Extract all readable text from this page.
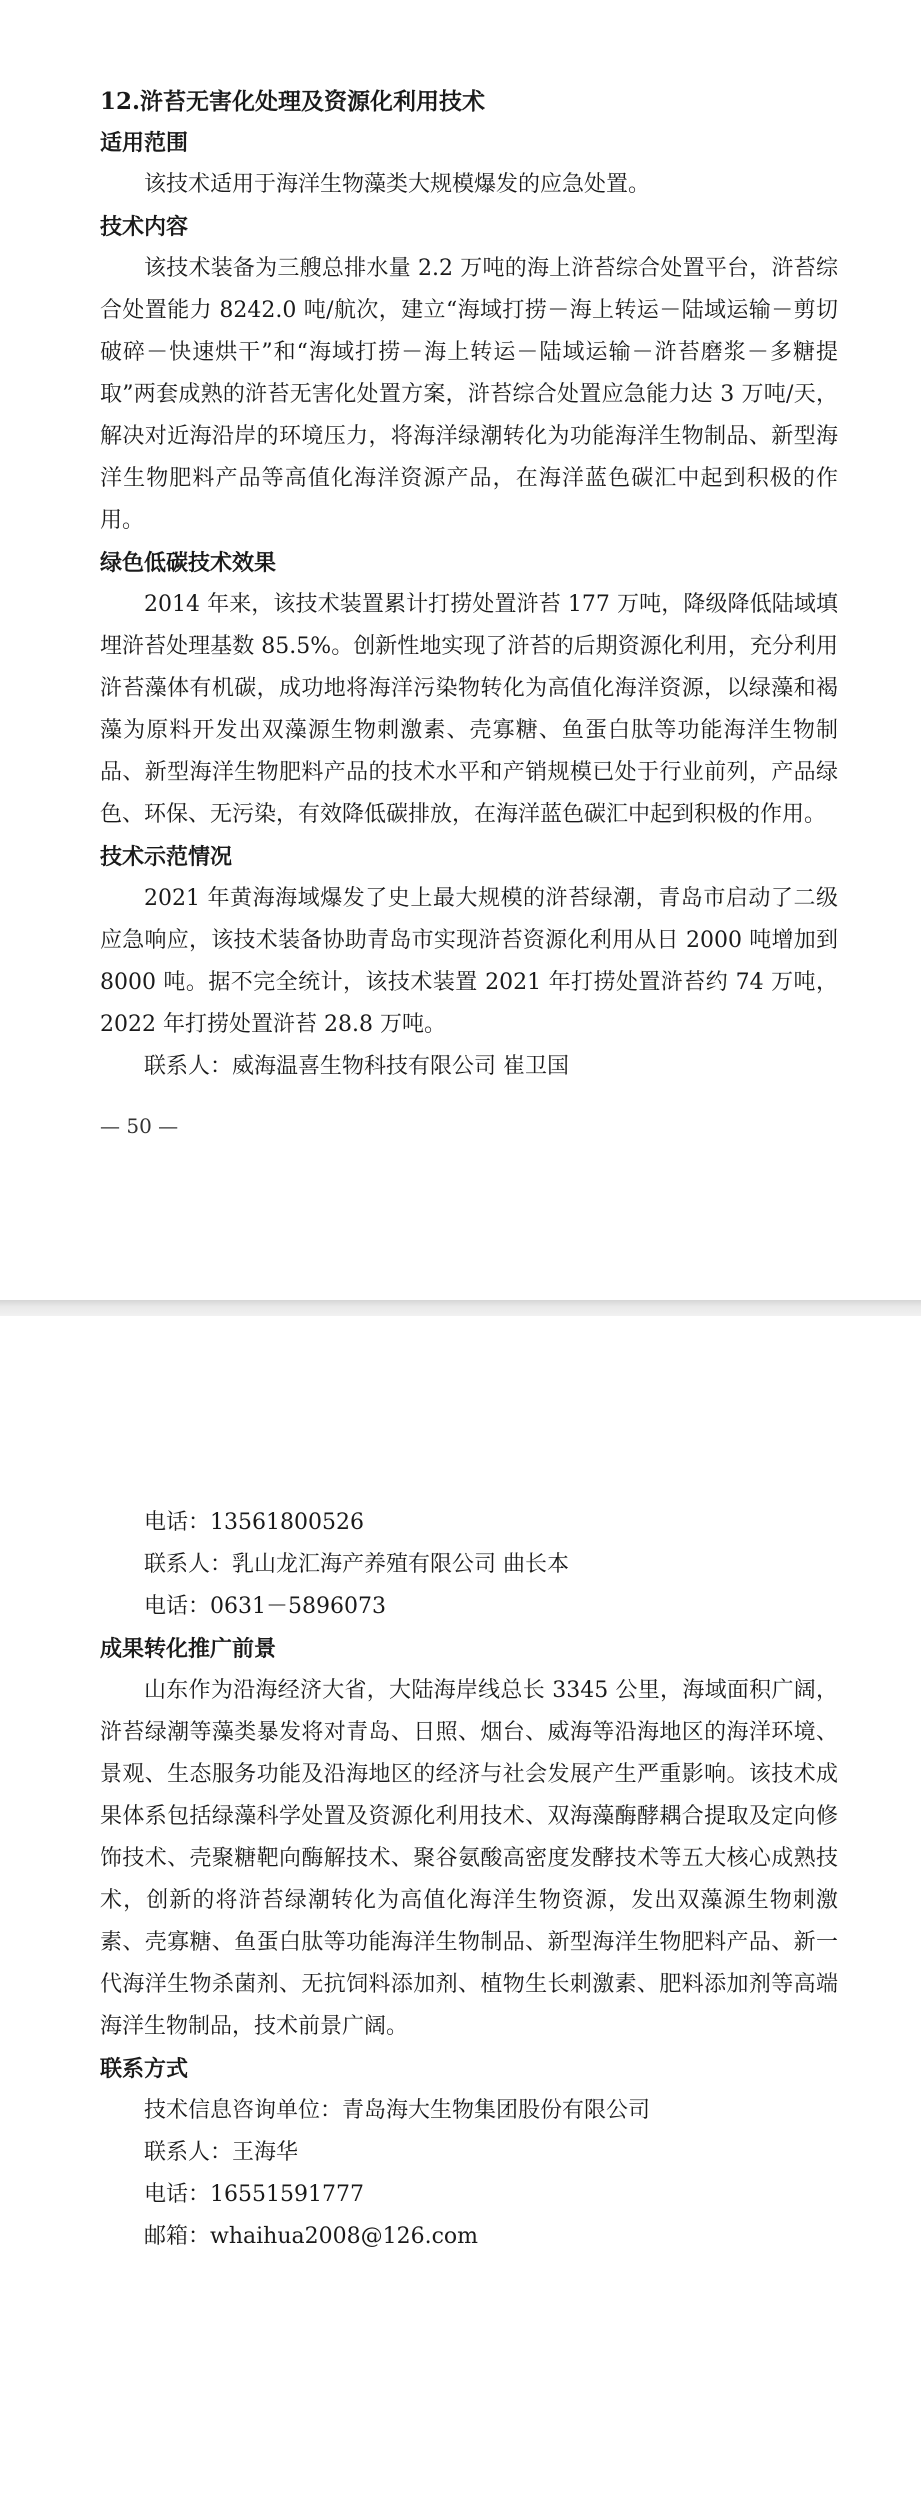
12.浒苔无害化处理及资源化利用技术

适用范围

该技术适用于海洋生物藻类大规模爆发的应急处置。

技术内容

该技术装备为三艘总排水量 2.2 万吨的海上浒苔综合处置平台，浒苔综合处置能力 8242.0 吨/航次，建立“海域打捞－海上转运－陆域运输－剪切破碎－快速烘干”和“海域打捞－海上转运－陆域运输－浒苔磨浆－多糖提取”两套成熟的浒苔无害化处置方案，浒苔综合处置应急能力达 3 万吨/天，解决对近海沿岸的环境压力，将海洋绿潮转化为功能海洋生物制品、新型海洋生物肥料产品等高值化海洋资源产品，在海洋蓝色碳汇中起到积极的作用。

绿色低碳技术效果

2014 年来，该技术装置累计打捞处置浒苔 177 万吨，降级降低陆域填埋浒苔处理基数 85.5%。创新性地实现了浒苔的后期资源化利用，充分利用浒苔藻体有机碳，成功地将海洋污染物转化为高值化海洋资源，以绿藻和褐藻为原料开发出双藻源生物刺激素、壳寡糖、鱼蛋白肽等功能海洋生物制品、新型海洋生物肥料产品的技术水平和产销规模已处于行业前列，产品绿色、环保、无污染，有效降低碳排放，在海洋蓝色碳汇中起到积极的作用。

技术示范情况

2021 年黄海海域爆发了史上最大规模的浒苔绿潮，青岛市启动了二级应急响应，该技术装备协助青岛市实现浒苔资源化利用从日 2000 吨增加到 8000 吨。据不完全统计，该技术装置 2021 年打捞处置浒苔约 74 万吨，2022 年打捞处置浒苔 28.8 万吨。

联系人：威海温喜生物科技有限公司 崔卫国

— 50 —

电话：13561800526

联系人：乳山龙汇海产养殖有限公司 曲长本

电话：0631－5896073

成果转化推广前景

山东作为沿海经济大省，大陆海岸线总长 3345 公里，海域面积广阔，浒苔绿潮等藻类暴发将对青岛、日照、烟台、威海等沿海地区的海洋环境、景观、生态服务功能及沿海地区的经济与社会发展产生严重影响。该技术成果体系包括绿藻科学处置及资源化利用技术、双海藻酶酵耦合提取及定向修饰技术、壳聚糖靶向酶解技术、聚谷氨酸高密度发酵技术等五大核心成熟技术，创新的将浒苔绿潮转化为高值化海洋生物资源，发出双藻源生物刺激素、壳寡糖、鱼蛋白肽等功能海洋生物制品、新型海洋生物肥料产品、新一代海洋生物杀菌剂、无抗饲料添加剂、植物生长刺激素、肥料添加剂等高端海洋生物制品，技术前景广阔。

联系方式

技术信息咨询单位：青岛海大生物集团股份有限公司

联系人：王海华

电话：16551591777

邮箱：whaihua2008@126.com
